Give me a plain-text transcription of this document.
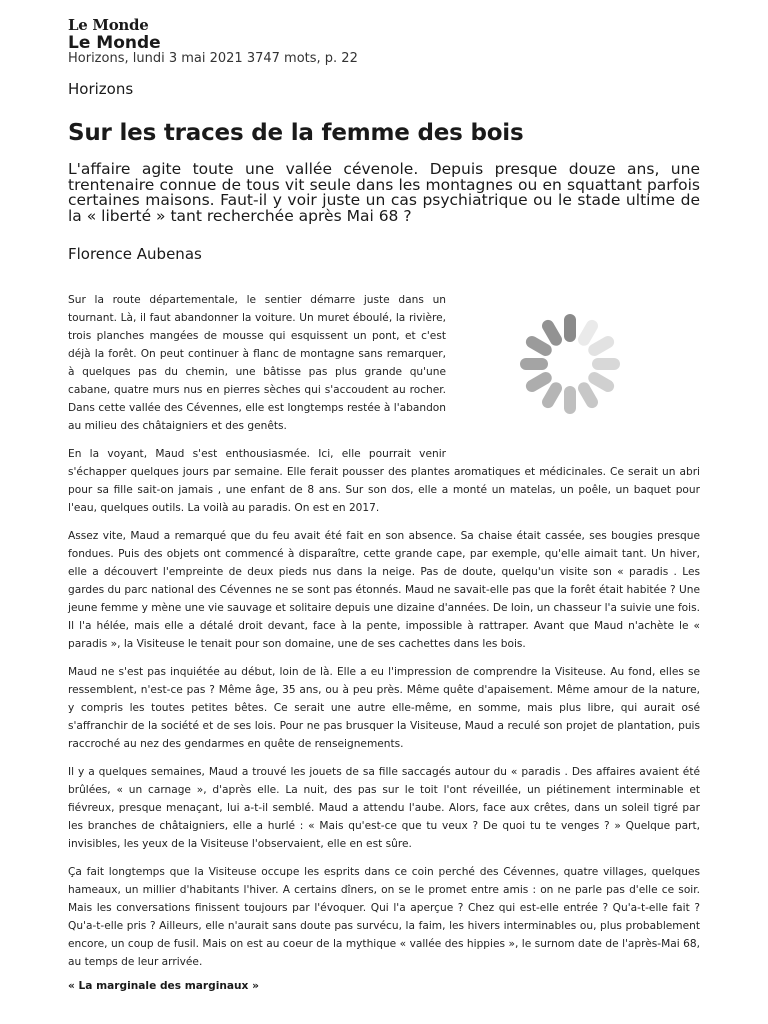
Le Monde
Le Monde
Horizons, lundi 3 mai 2021 3747 mots, p. 22
Horizons
Sur les traces de la femme des bois
L'affaire agite toute une vallée cévenole. Depuis presque douze ans, une trentenaire connue de tous vit seule dans les montagnes ou en squattant parfois certaines maisons. Faut-il y voir juste un cas psychiatrique ou le stade ultime de la « liberté » tant recherchée après Mai 68 ?
Florence Aubenas

Sur la route départementale, le sentier démarre juste dans un tournant. Là, il faut abandonner la voiture. Un muret éboulé, la rivière, trois planches mangées de mousse qui esquissent un pont, et c'est déjà la forêt. On peut continuer à flanc de montagne sans remarquer, à quelques pas du chemin, une bâtisse pas plus grande qu'une cabane, quatre murs nus en pierres sèches qui s'accoudent au rocher. Dans cette vallée des Cévennes, elle est longtemps restée à l'abandon au milieu des châtaigniers et des genêts.

En la voyant, Maud s'est enthousiasmée. Ici, elle pourrait venir s'échapper quelques jours par semaine. Elle ferait pousser des plantes aromatiques et médicinales. Ce serait un abri pour sa fille sait-on jamais , une enfant de 8 ans. Sur son dos, elle a monté un matelas, un poêle, un baquet pour l'eau, quelques outils. La voilà au paradis. On est en 2017.

Assez vite, Maud a remarqué que du feu avait été fait en son absence. Sa chaise était cassée, ses bougies presque fondues. Puis des objets ont commencé à disparaître, cette grande cape, par exemple, qu'elle aimait tant. Un hiver, elle a découvert l'empreinte de deux pieds nus dans la neige. Pas de doute, quelqu'un visite son « paradis . Les gardes du parc national des Cévennes ne se sont pas étonnés. Maud ne savait-elle pas que la forêt était habitée ? Une jeune femme y mène une vie sauvage et solitaire depuis une dizaine d'années. De loin, un chasseur l'a suivie une fois. Il l'a hélée, mais elle a détalé droit devant, face à la pente, impossible à rattraper. Avant que Maud n'achète le « paradis », la Visiteuse le tenait pour son domaine, une de ses cachettes dans les bois.

Maud ne s'est pas inquiétée au début, loin de là. Elle a eu l'impression de comprendre la Visiteuse. Au fond, elles se ressemblent, n'est-ce pas ? Même âge, 35 ans, ou à peu près. Même quête d'apaisement. Même amour de la nature, y compris les toutes petites bêtes. Ce serait une autre elle-même, en somme, mais plus libre, qui aurait osé s'affranchir de la société et de ses lois. Pour ne pas brusquer la Visiteuse, Maud a reculé son projet de plantation, puis raccroché au nez des gendarmes en quête de renseignements.

Il y a quelques semaines, Maud a trouvé les jouets de sa fille saccagés autour du « paradis . Des affaires avaient été brûlées, « un carnage », d'après elle. La nuit, des pas sur le toit l'ont réveillée, un piétinement interminable et fiévreux, presque menaçant, lui a-t-il semblé. Maud a attendu l'aube. Alors, face aux crêtes, dans un soleil tigré par les branches de châtaigniers, elle a hurlé : « Mais qu'est-ce que tu veux ? De quoi tu te venges ? » Quelque part, invisibles, les yeux de la Visiteuse l'observaient, elle en est sûre.

Ça fait longtemps que la Visiteuse occupe les esprits dans ce coin perché des Cévennes, quatre villages, quelques hameaux, un millier d'habitants l'hiver. A certains dîners, on se le promet entre amis : on ne parle pas d'elle ce soir. Mais les conversations finissent toujours par l'évoquer. Qui l'a aperçue ? Chez qui est-elle entrée ? Qu'a-t-elle fait ? Qu'a-t-elle pris ? Ailleurs, elle n'aurait sans doute pas survécu, la faim, les hivers interminables ou, plus probablement encore, un coup de fusil. Mais on est au coeur de la mythique « vallée des hippies », le surnom date de l'après-Mai 68, au temps de leur arrivée.

« La marginale des marginaux »
